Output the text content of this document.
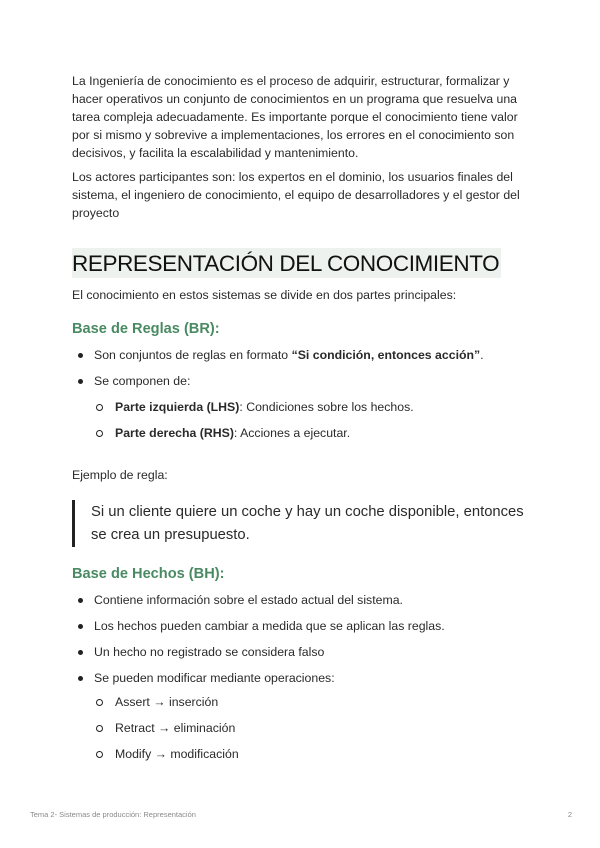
La Ingeniería de conocimiento es el proceso de adquirir, estructurar, formalizar y hacer operativos un conjunto de conocimientos en un programa que resuelva una tarea compleja adecuadamente. Es importante porque el conocimiento tiene valor por si mismo y sobrevive a implementaciones, los errores en el conocimiento son decisivos, y facilita la escalabilidad y mantenimiento.

Los actores participantes son: los expertos en el dominio, los usuarios finales del sistema, el ingeniero de conocimiento, el equipo de desarrolladores y el gestor del proyecto

REPRESENTACIÓN DEL CONOCIMIENTO

El conocimiento en estos sistemas se divide en dos partes principales:

Base de Reglas (BR):
Son conjuntos de reglas en formato “Si condición, entonces acción”.
Se componen de:
Parte izquierda (LHS): Condiciones sobre los hechos.
Parte derecha (RHS): Acciones a ejecutar.

Ejemplo de regla:

Si un cliente quiere un coche y hay un coche disponible, entonces se crea un presupuesto.
Base de Hechos (BH):
Contiene información sobre el estado actual del sistema.
Los hechos pueden cambiar a medida que se aplican las reglas.
Un hecho no registrado se considera falso
Se pueden modificar mediante operaciones:
Assert → inserción
Retract → eliminación
Modify → modificación
Tema 2- Sistemas de producción: Representación	2
